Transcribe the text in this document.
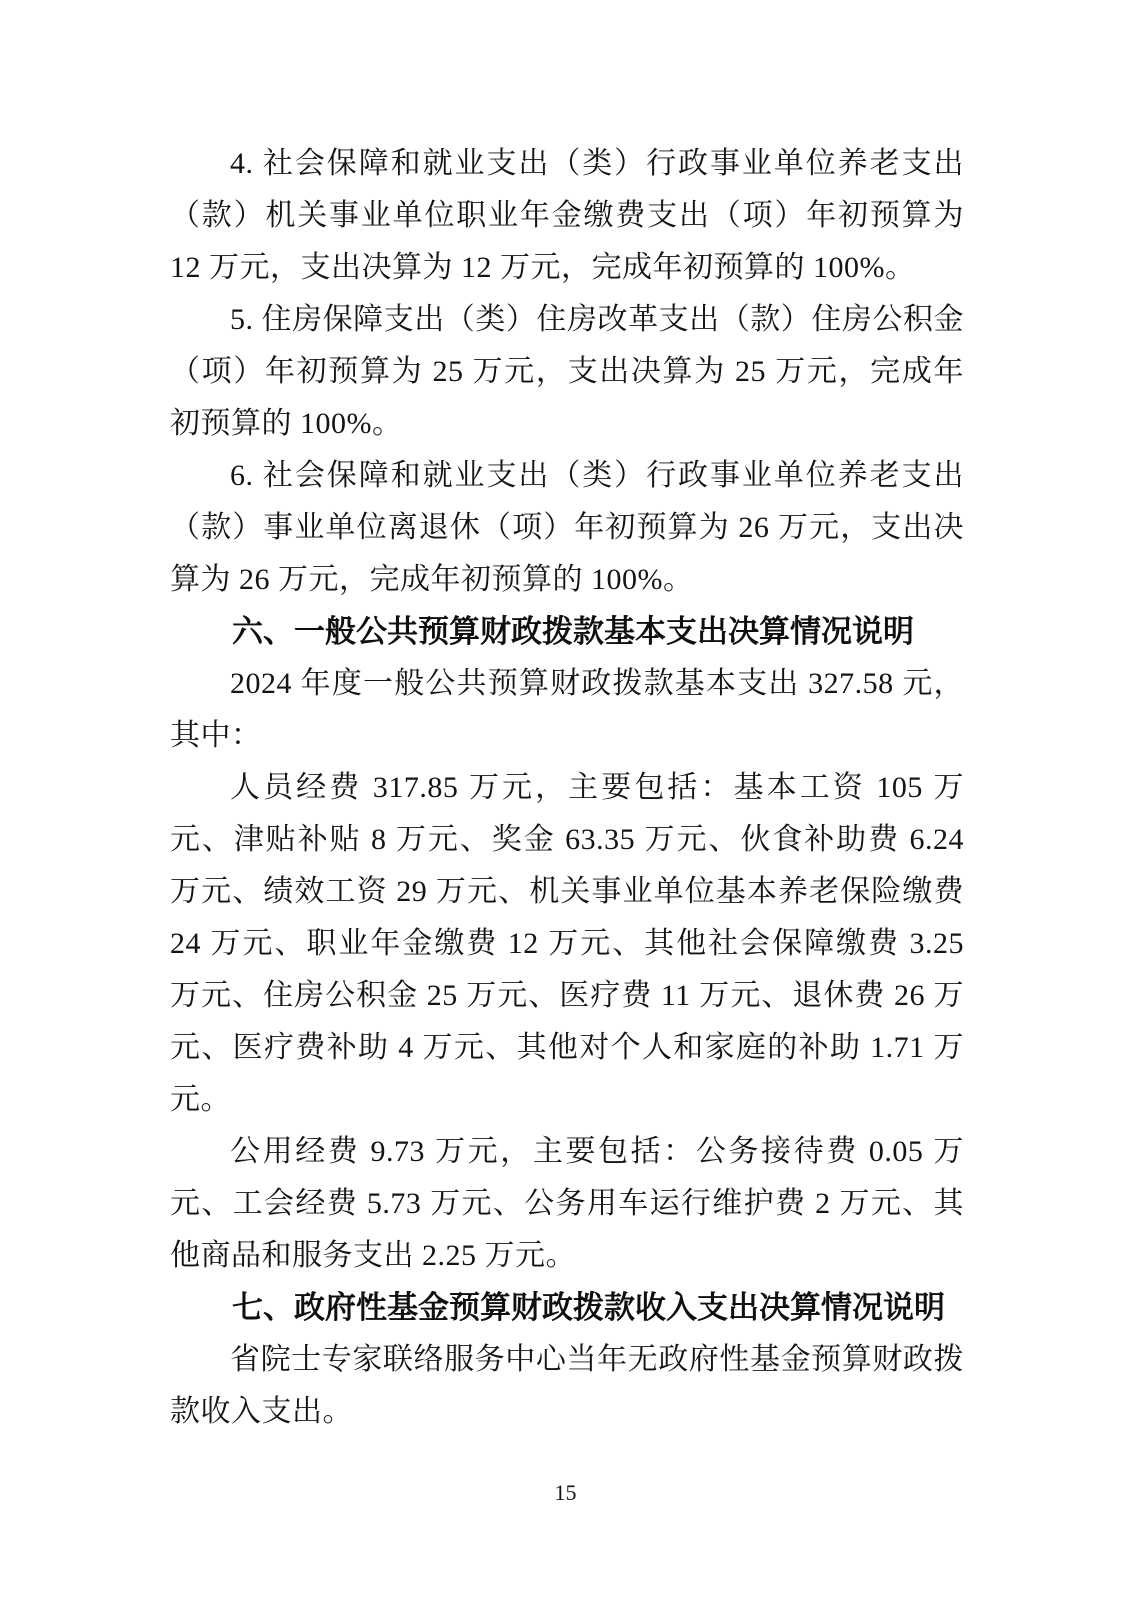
4. 社会保障和就业支出（类）行政事业单位养老支出（款）机关事业单位职业年金缴费支出（项）年初预算为 12 万元，支出决算为 12 万元，完成年初预算的 100%。

5. 住房保障支出（类）住房改革支出（款）住房公积金（项）年初预算为 25 万元，支出决算为 25 万元，完成年初预算的 100%。

6. 社会保障和就业支出（类）行政事业单位养老支出（款）事业单位离退休（项）年初预算为 26 万元，支出决算为 26 万元，完成年初预算的 100%。

六、一般公共预算财政拨款基本支出决算情况说明

2024 年度一般公共预算财政拨款基本支出 327.58 元，其中：

人员经费 317.85 万元，主要包括：基本工资 105 万元、津贴补贴 8 万元、奖金 63.35 万元、伙食补助费 6.24 万元、绩效工资 29 万元、机关事业单位基本养老保险缴费 24 万元、职业年金缴费 12 万元、其他社会保障缴费 3.25 万元、住房公积金 25 万元、医疗费 11 万元、退休费 26 万元、医疗费补助 4 万元、其他对个人和家庭的补助 1.71 万元。

公用经费 9.73 万元，主要包括：公务接待费 0.05 万元、工会经费 5.73 万元、公务用车运行维护费 2 万元、其他商品和服务支出 2.25 万元。

七、政府性基金预算财政拨款收入支出决算情况说明

省院士专家联络服务中心当年无政府性基金预算财政拨款收入支出。

15
